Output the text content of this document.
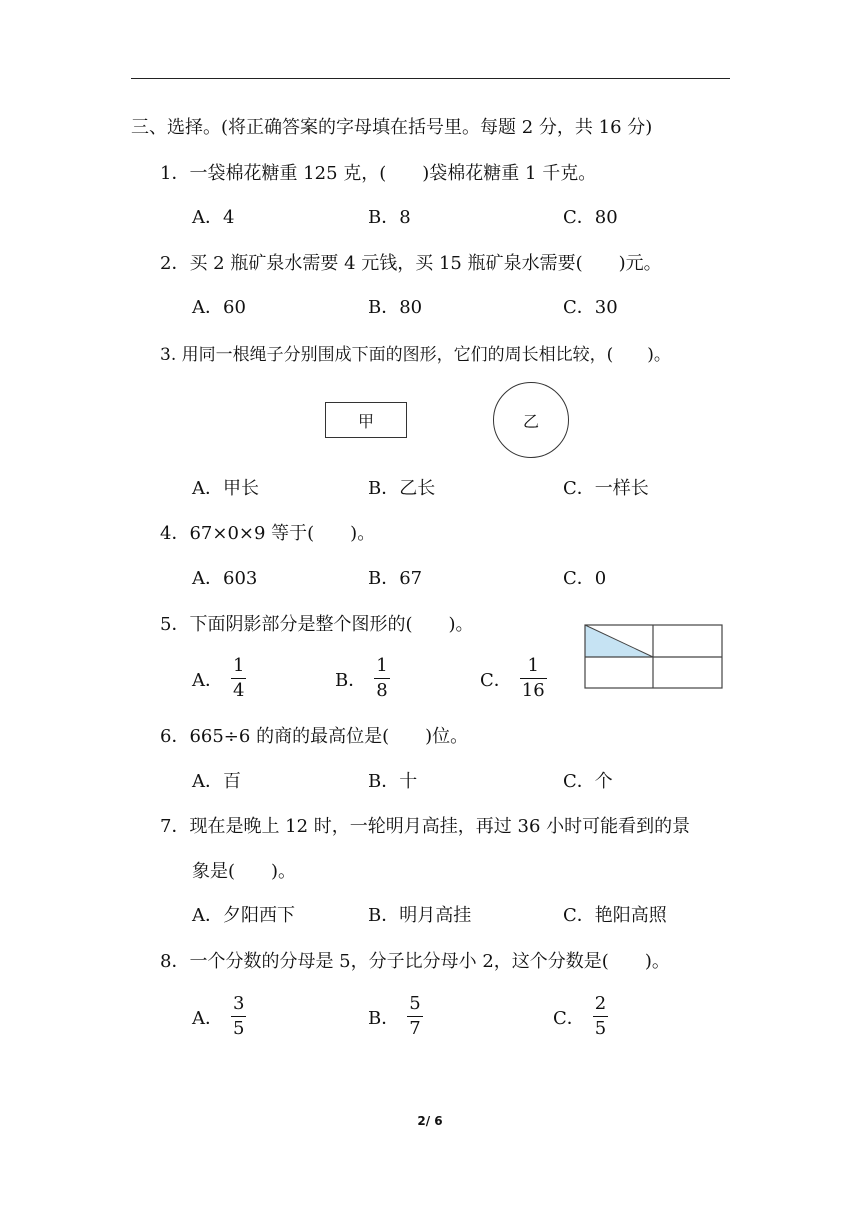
三、选择。(将正确答案的字母填在括号里。每题 2 分，共 16 分)
1．一袋棉花糖重 125 克，(　　)袋棉花糖重 1 千克。
A．4	B．8	C．80
2．买 2 瓶矿泉水需要 4 元钱，买 15 瓶矿泉水需要(　　)元。
A．60	B．80	C．30
3. 用同一根绳子分别围成下面的图形，它们的周长相比较，(　　)。
甲	乙
A．甲长	B．乙长	C．一样长
4．67×0×9 等于(　　)。
A．603	B．67	C．0
5．下面阴影部分是整个图形的(　　)。
A．
1
4	B．
1
8	C．
1
16
6．665÷6 的商的最高位是(　　)位。
A．百	B．十	C．个
7．现在是晚上 12 时，一轮明月高挂，再过 36 小时可能看到的景
象是(　　)。
A．夕阳西下	B．明月高挂	C．艳阳高照
8．一个分数的分母是 5，分子比分母小 2，这个分数是(　　)。
A．
3
5	B．
5
7	C．
2
5
2/ 6
